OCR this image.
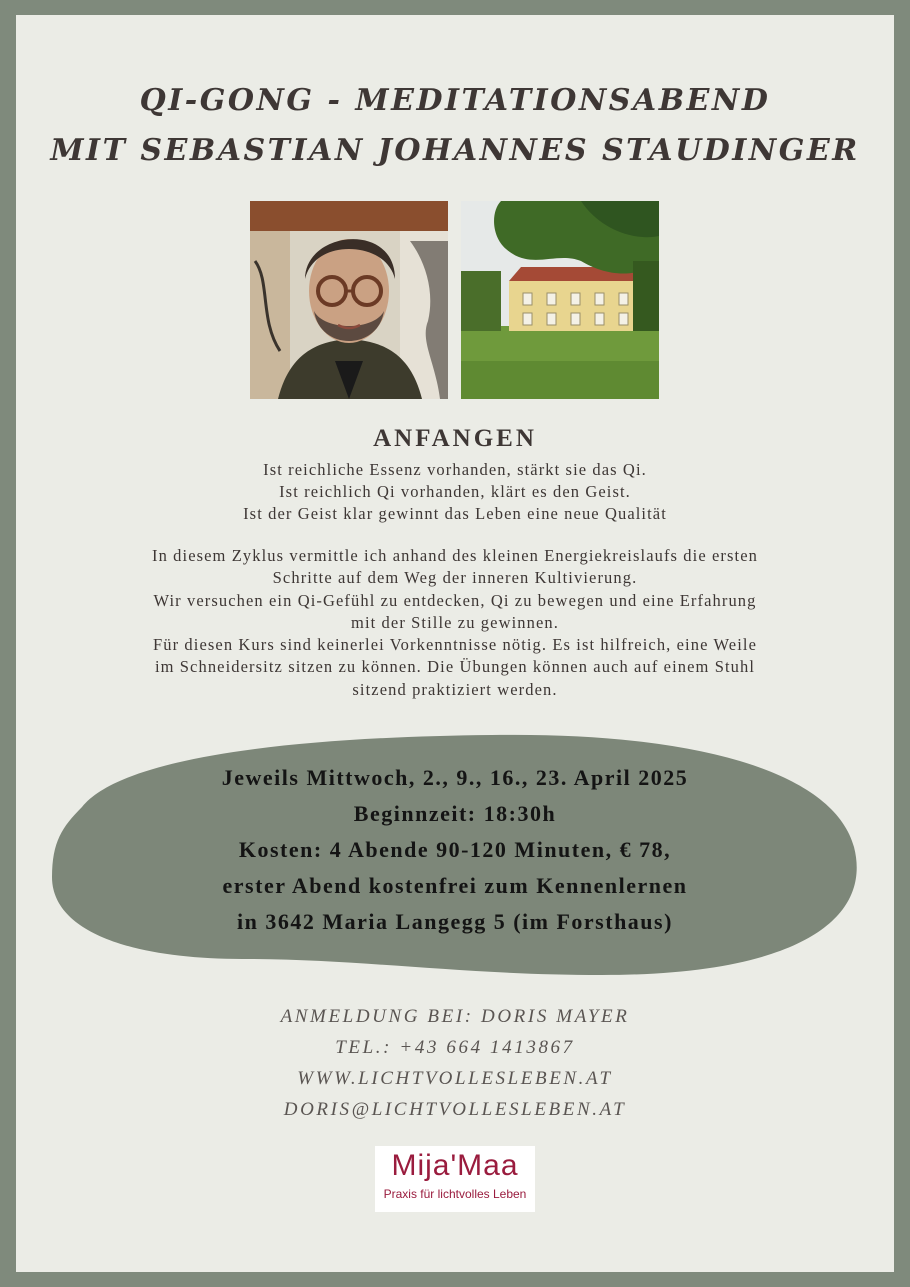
QI-GONG - MEDITATIONSABEND
MIT SEBASTIAN JOHANNES STAUDINGER
ANFANGEN
Ist reichliche Essenz vorhanden, stärkt sie das Qi.
Ist reichlich Qi vorhanden, klärt es den Geist.
Ist der Geist klar gewinnt das Leben eine neue Qualität
In diesem Zyklus vermittle ich anhand des kleinen Energiekreislaufs die ersten
Schritte auf dem Weg der inneren Kultivierung.
Wir versuchen ein Qi-Gefühl zu entdecken, Qi zu bewegen und eine Erfahrung
mit der Stille zu gewinnen.
Für diesen Kurs sind keinerlei Vorkenntnisse nötig. Es ist hilfreich, eine Weile
im Schneidersitz sitzen zu können. Die Übungen können auch auf einem Stuhl
sitzend praktiziert werden.
Jeweils Mittwoch, 2., 9., 16., 23. April 2025
Beginnzeit: 18:30h
Kosten: 4 Abende 90-120 Minuten, € 78,
erster Abend kostenfrei zum Kennenlernen
in 3642 Maria Langegg 5 (im Forsthaus)
ANMELDUNG BEI: DORIS MAYER
TEL.: +43 664 1413867
WWW.LICHTVOLLESLEBEN.AT
DORIS@LICHTVOLLESLEBEN.AT
Mija'Maa
Praxis für lichtvolles Leben
